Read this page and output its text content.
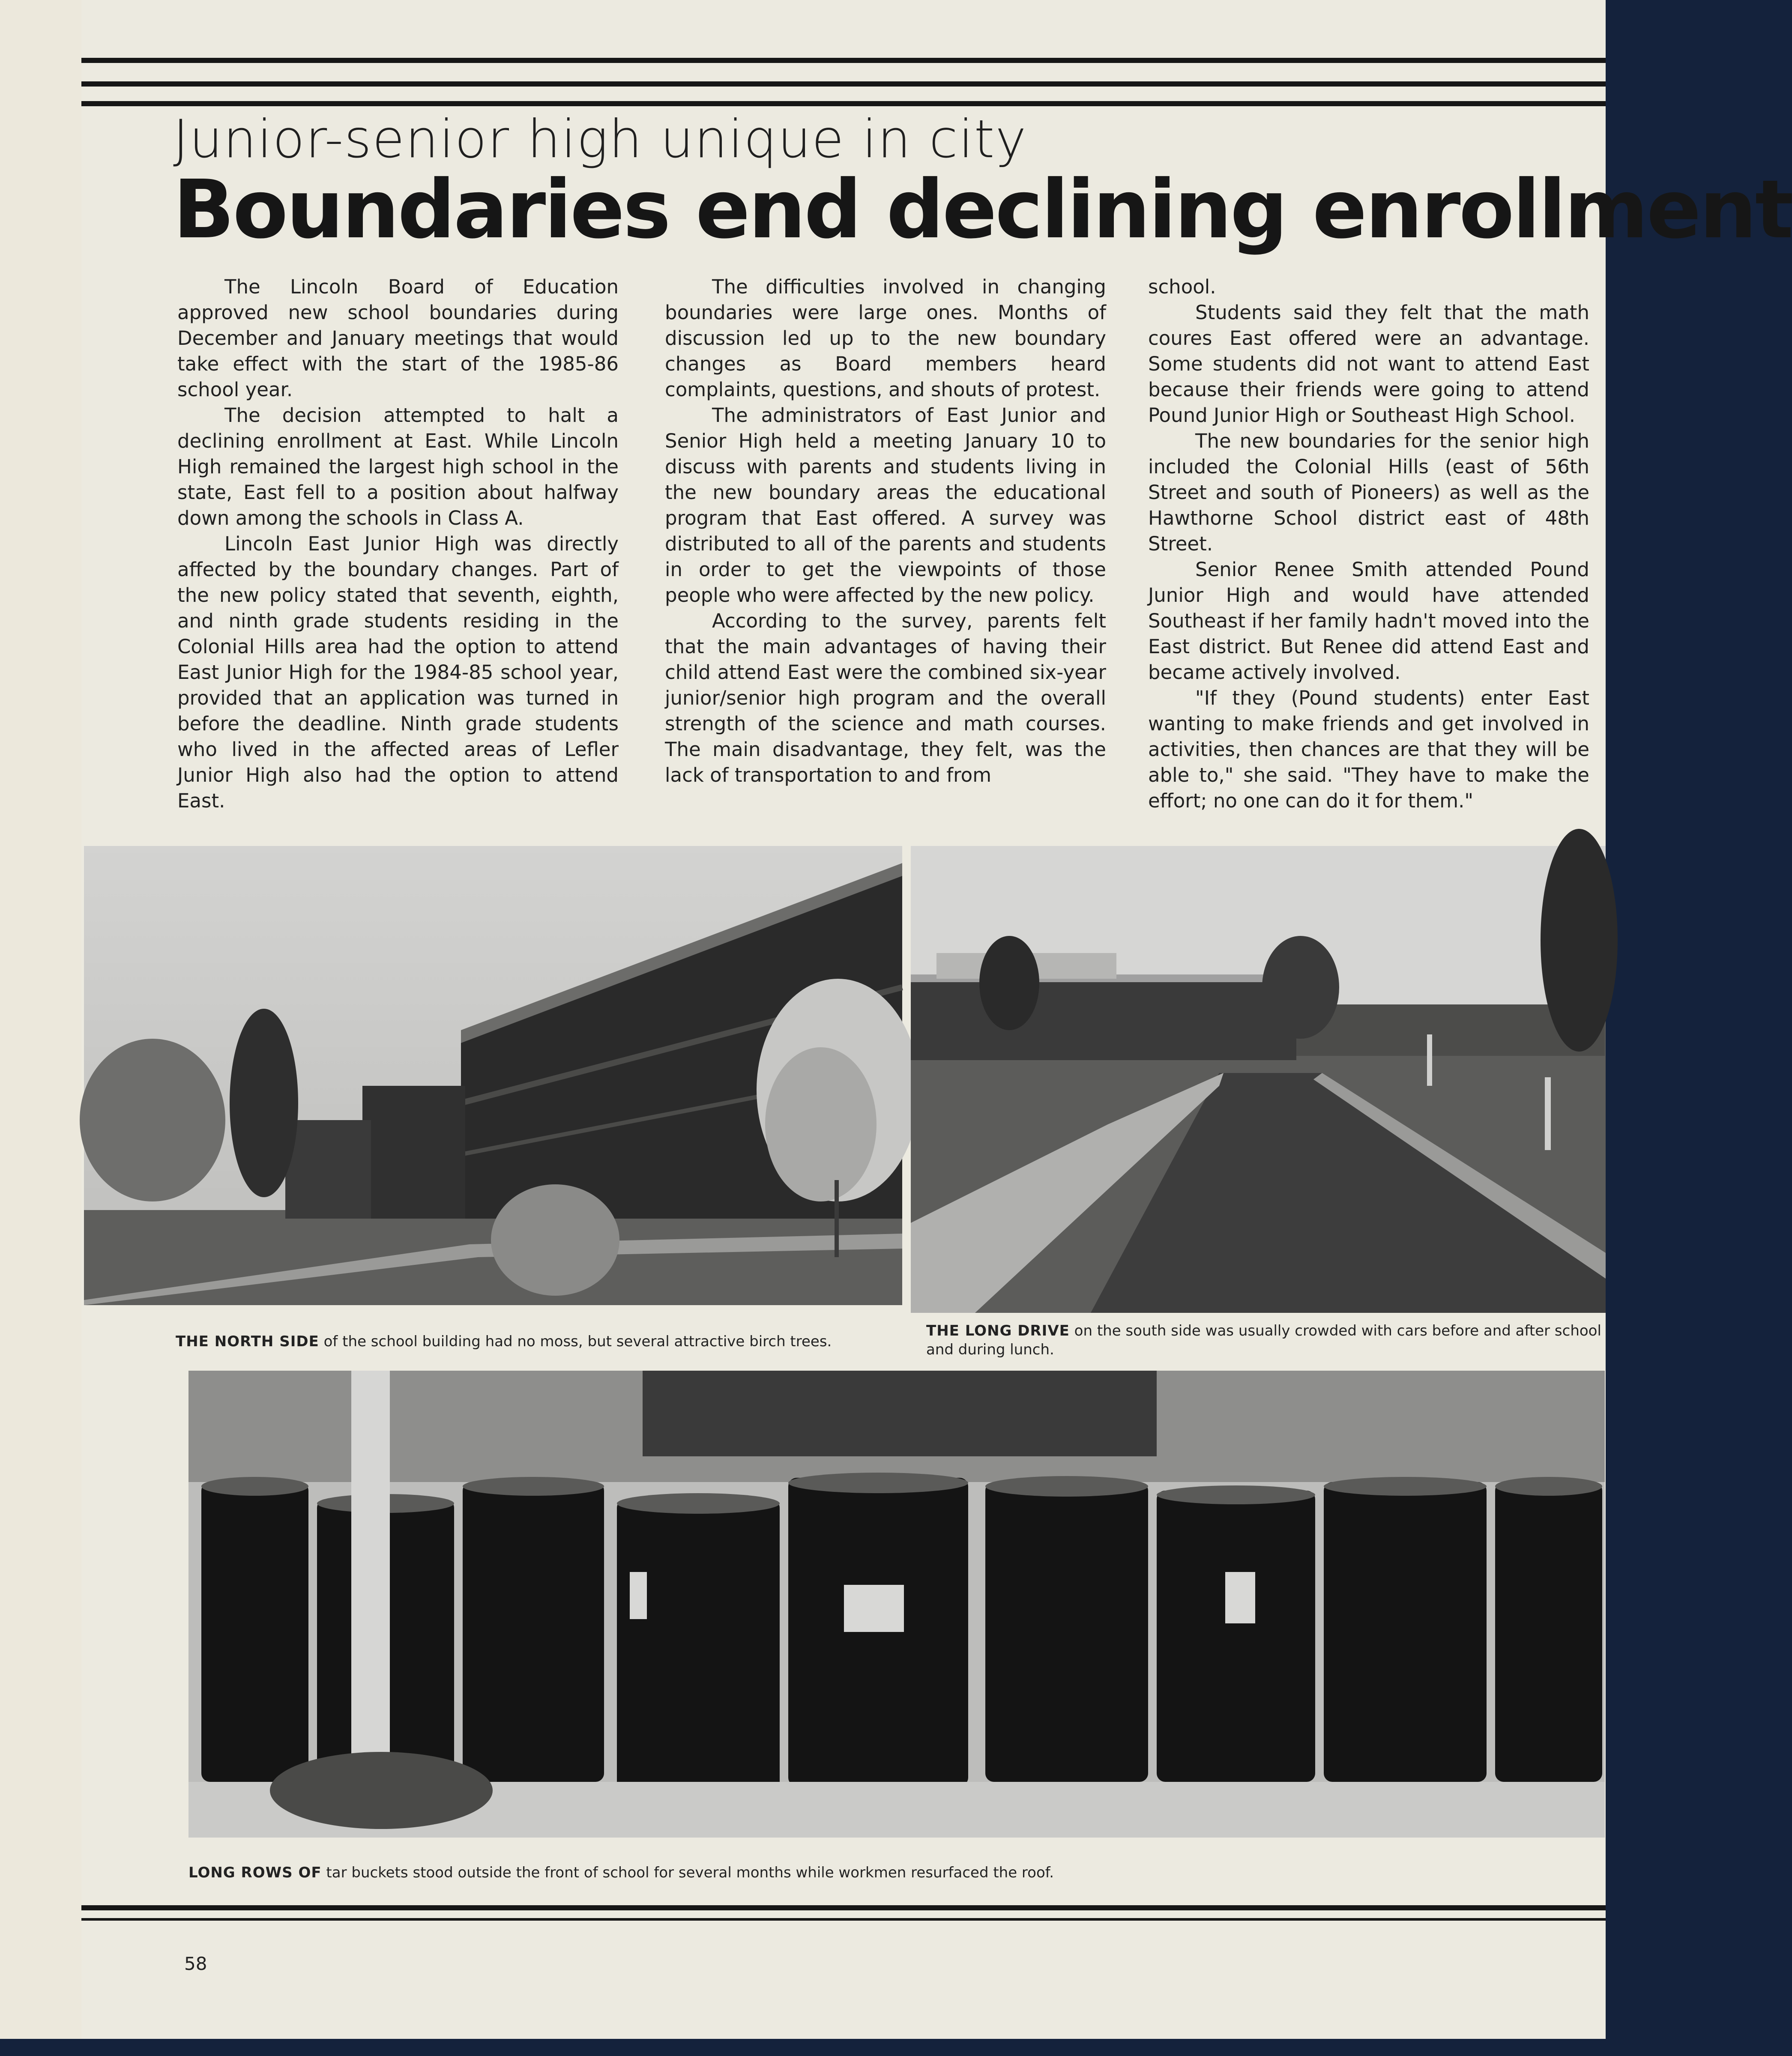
Junior-senior high unique in city
Boundaries end declining enrollment

The Lincoln Board of Education approved new school boundaries during December and January meetings that would take effect with the start of the 1985-86 school year.

The decision attempted to halt a declining enrollment at East. While Lincoln High remained the largest high school in the state, East fell to a position about halfway down among the schools in Class A.

Lincoln East Junior High was directly affected by the boundary changes. Part of the new policy stated that seventh, eighth, and ninth grade students residing in the Colonial Hills area had the option to attend East Junior High for the 1984-85 school year, provided that an application was turned in before the deadline. Ninth grade students who lived in the affected areas of Lefler Junior High also had the option to attend East.

The difficulties involved in changing boundaries were large ones. Months of discussion led up to the new boundary changes as Board members heard complaints, questions, and shouts of protest.

The administrators of East Junior and Senior High held a meeting January 10 to discuss with parents and students living in the new boundary areas the educational program that East offered. A survey was distributed to all of the parents and students in order to get the viewpoints of those people who were affected by the new policy.

According to the survey, parents felt that the main advantages of having their child attend East were the combined six-year junior/senior high program and the overall strength of the science and math courses. The main disadvantage, they felt, was the lack of transportation to and from

school.

Students said they felt that the math coures East offered were an advantage. Some students did not want to attend East because their friends were going to attend Pound Junior High or Southeast High School.

The new boundaries for the senior high included the Colonial Hills (east of 56th Street and south of Pioneers) as well as the Hawthorne School district east of 48th Street.

Senior Renee Smith attended Pound Junior High and would have attended Southeast if her family hadn't moved into the East district. But Renee did attend East and became actively involved.

"If they (Pound students) enter East wanting to make friends and get involved in activities, then chances are that they will be able to," she said. "They have to make the effort; no one can do it for them."

THE NORTH SIDE of the school building had no moss, but several attractive birch trees.
THE LONG DRIVE on the south side was usually crowded with cars before and after school and during lunch.
LONG ROWS OF tar buckets stood outside the front of school for several months while workmen resurfaced the roof.
58
